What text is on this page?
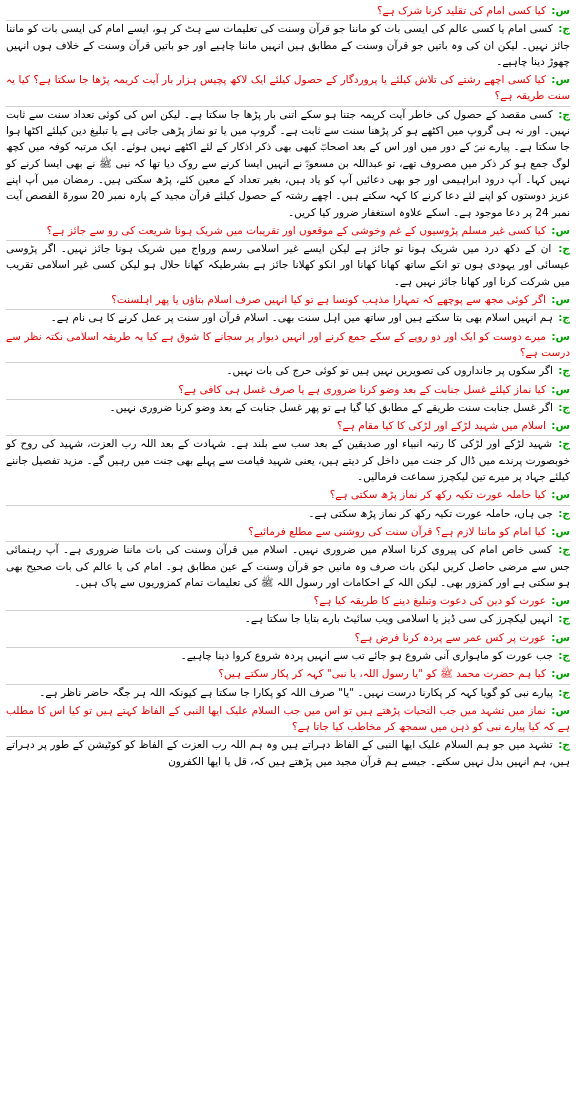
س: کیا کسی امام کی تقلید کرنا شرک ہے؟
ج: کسی امام یا کسی عالم کی ایسی بات کو ماننا جو قرآن وسنت کی تعلیمات سے ہٹ کر ہو، ایسے امام کی ایسی بات کو ماننا جائز نہیں۔ لیکن ان کی وہ باتیں جو قرآن وسنت کے مطابق ہیں انہیں ماننا چاہیے اور جو باتیں قرآن وسنت کے خلاف ہوں انہیں چھوڑ دینا چاہیے۔
س: کیا کسی اچھے رشتے کی تلاش کیلئے یا پروردگار کے حصول کیلئے ایک لاکھ پچیس ہزار بار آیت کریمہ پڑھا جا سکتا ہے؟ کیا یہ سنت طریقہ ہے؟
ج: کسی مقصد کے حصول کی خاطر آیت کریمہ جتنا ہو سکے اتنی بار پڑھا جا سکتا ہے۔ لیکن اس کی کوئی تعداد سنت سے ثابت نہیں۔ اور نہ ہی گروپ میں اکٹھے ہو کر پڑھنا سنت سے ثابت ہے۔ گروپ میں یا تو نماز پڑھی جاتی ہے یا تبلیغ دین کیلئے اکٹھا ہوا جا سکتا ہے۔ پیارے نبیؐ کے دور میں اور اس کے بعد اصحابؓ کبھی بھی ذکر اذکار کے لئے اکٹھے نہیں ہوئے۔ ایک مرتبہ کوفہ میں کچھ لوگ جمع ہو کر ذکر میں مصروف تھے، تو عبداللہ بن مسعودؓ نے انہیں ایسا کرنے سے روک دیا تھا کہ نبی ﷺ نے بھی ایسا کرنے کو نہیں کہا۔ آپ درود ابراہیمی اور جو بھی دعائیں آپ کو یاد ہیں، بغیر تعداد کے معین کئے، پڑھ سکتی ہیں۔ رمضان میں آپ اپنے عزیز دوستوں کو اپنے لئے دعا کرنے کا کہہ سکتے ہیں۔ اچھے رشتہ کے حصول کیلئے قرآن مجید کے پارہ نمبر 20 سورۃ القصص آیت نمبر 24 پر دعا موجود ہے۔ اسکے علاوہ استغفار ضرور کیا کریں۔
س: کیا کسی غیر مسلم پڑوسیوں کے غم وخوشی کے موقعوں اور تقریبات میں شریک ہونا شریعت کی رو سے جائز ہے؟
ج: ان کے دکھ درد میں شریک ہونا تو جائز ہے لیکن ایسے غیر اسلامی رسم ورواج میں شریک ہونا جائز نہیں۔ اگر پڑوسی عیسائی اور یہودی ہوں تو انکے ساتھ کھانا کھانا اور انکو کھلانا جائز ہے بشرطیکہ کھانا حلال ہو لیکن کسی غیر اسلامی تقریب میں شرکت کرنا اور کھانا جائز نہیں ہے۔
س: اگر کوئی مجھ سے پوچھے کہ تمہارا مذہب کونسا ہے تو کیا انہیں صرف اسلام بتاؤں یا پھر اہلسنت؟
ج: ہم انہیں اسلام بھی بتا سکتے ہیں اور ساتھ میں اہل سنت بھی۔ اسلام قرآن اور سنت پر عمل کرنے کا ہی نام ہے۔
س: میرے دوست کو ایک اور دو روپے کے سکے جمع کرنے اور انہیں دیوار پر سجانے کا شوق ہے کیا یہ طریقہ اسلامی نکتہ نظر سے درست ہے؟
ج: اگر سکوں پر جانداروں کی تصویریں نہیں ہیں تو کوئی حرج کی بات نہیں۔
س: کیا نماز کیلئے غسل جنابت کے بعد وضو کرنا ضروری ہے یا صرف غسل ہی کافی ہے؟
ج: اگر غسل جنابت سنت طریقے کے مطابق کیا گیا ہے تو پھر غسل جنابت کے بعد وضو کرنا ضروری نہیں۔
س: اسلام میں شہید لڑکے اور لڑکی کا کیا مقام ہے؟
ج: شہید لڑکے اور لڑکی کا رتبہ انبیاء اور صدیقین کے بعد سب سے بلند ہے۔ شہادت کے بعد اللہ رب العزت، شہید کی روح کو خوبصورت پرندے میں ڈال کر جنت میں داخل کر دیتے ہیں، یعنی شہید قیامت سے پہلے بھی جنت میں رہیں گے۔ مزید تفصیل جاننے کیلئے جہاد پر میرے تین لیکچرز سماعت فرمالیں۔
س: کیا حاملہ عورت تکیہ رکھ کر نماز پڑھ سکتی ہے؟
ج: جی ہاں، حاملہ عورت تکیہ رکھ کر نماز پڑھ سکتی ہے۔
س: کیا امام کو ماننا لازم ہے؟ قرآن سنت کی روشنی سے مطلع فرمائیے؟
ج: کسی خاص امام کی پیروی کرنا اسلام میں ضروری نہیں۔ اسلام میں قرآن وسنت کی بات ماننا ضروری ہے۔ آپ رہنمائی جس سے مرضی حاصل کریں لیکن بات صرف وہ مانیں جو قرآن وسنت کے عین مطابق ہو۔ امام کی یا عالم کی بات صحیح بھی ہو سکتی ہے اور کمزور بھی۔ لیکن اللہ کے احکامات اور رسول اللہ ﷺ کی تعلیمات تمام کمزوریوں سے پاک ہیں۔
س: عورت کو دین کی دعوت وتبلیغ دینے کا طریقہ کیا ہے؟
ج: انہیں لیکچرز کی سی ڈیز یا اسلامی ویب سائیٹ بارے بتایا جا سکتا ہے۔
س: عورت پر کس عمر سے پردہ کرنا فرض ہے؟
ج: جب عورت کو ماہواری آنی شروع ہو جائے تب سے انہیں پردہ شروع کروا دینا چاہیے۔
س: کیا ہم حضرت محمد ﷺ کو "یا رسول اللہ، یا نبی" کہہ کر پکار سکتے ہیں؟
ج: پیارے نبی کو گویا کہہ کر پکارنا درست نہیں۔ "یا" صرف اللہ کو پکارا جا سکتا ہے کیونکہ اللہ ہر جگہ حاضر ناظر ہے۔
س: نماز میں تشہد میں جب التحیات پڑھتے ہیں تو اس میں جب السلام علیک ایھا النبی کے الفاظ کہتے ہیں تو کیا اس کا مطلب ہے کہ کیا پیارے نبی کو ذہن میں سمجھ کر مخاطب کیا جاتا ہے؟
ج: تشہد میں جو ہم السلام علیک ایھا النبی کے الفاظ دہراتے ہیں وہ ہم اللہ رب العزت کے الفاظ کو کوٹیشن کے طور پر دہراتے ہیں، ہم انہیں بدل نہیں سکتے۔ جیسے ہم قرآن مجید میں پڑھتے ہیں کہ، قل یا ایھا الکفرون
